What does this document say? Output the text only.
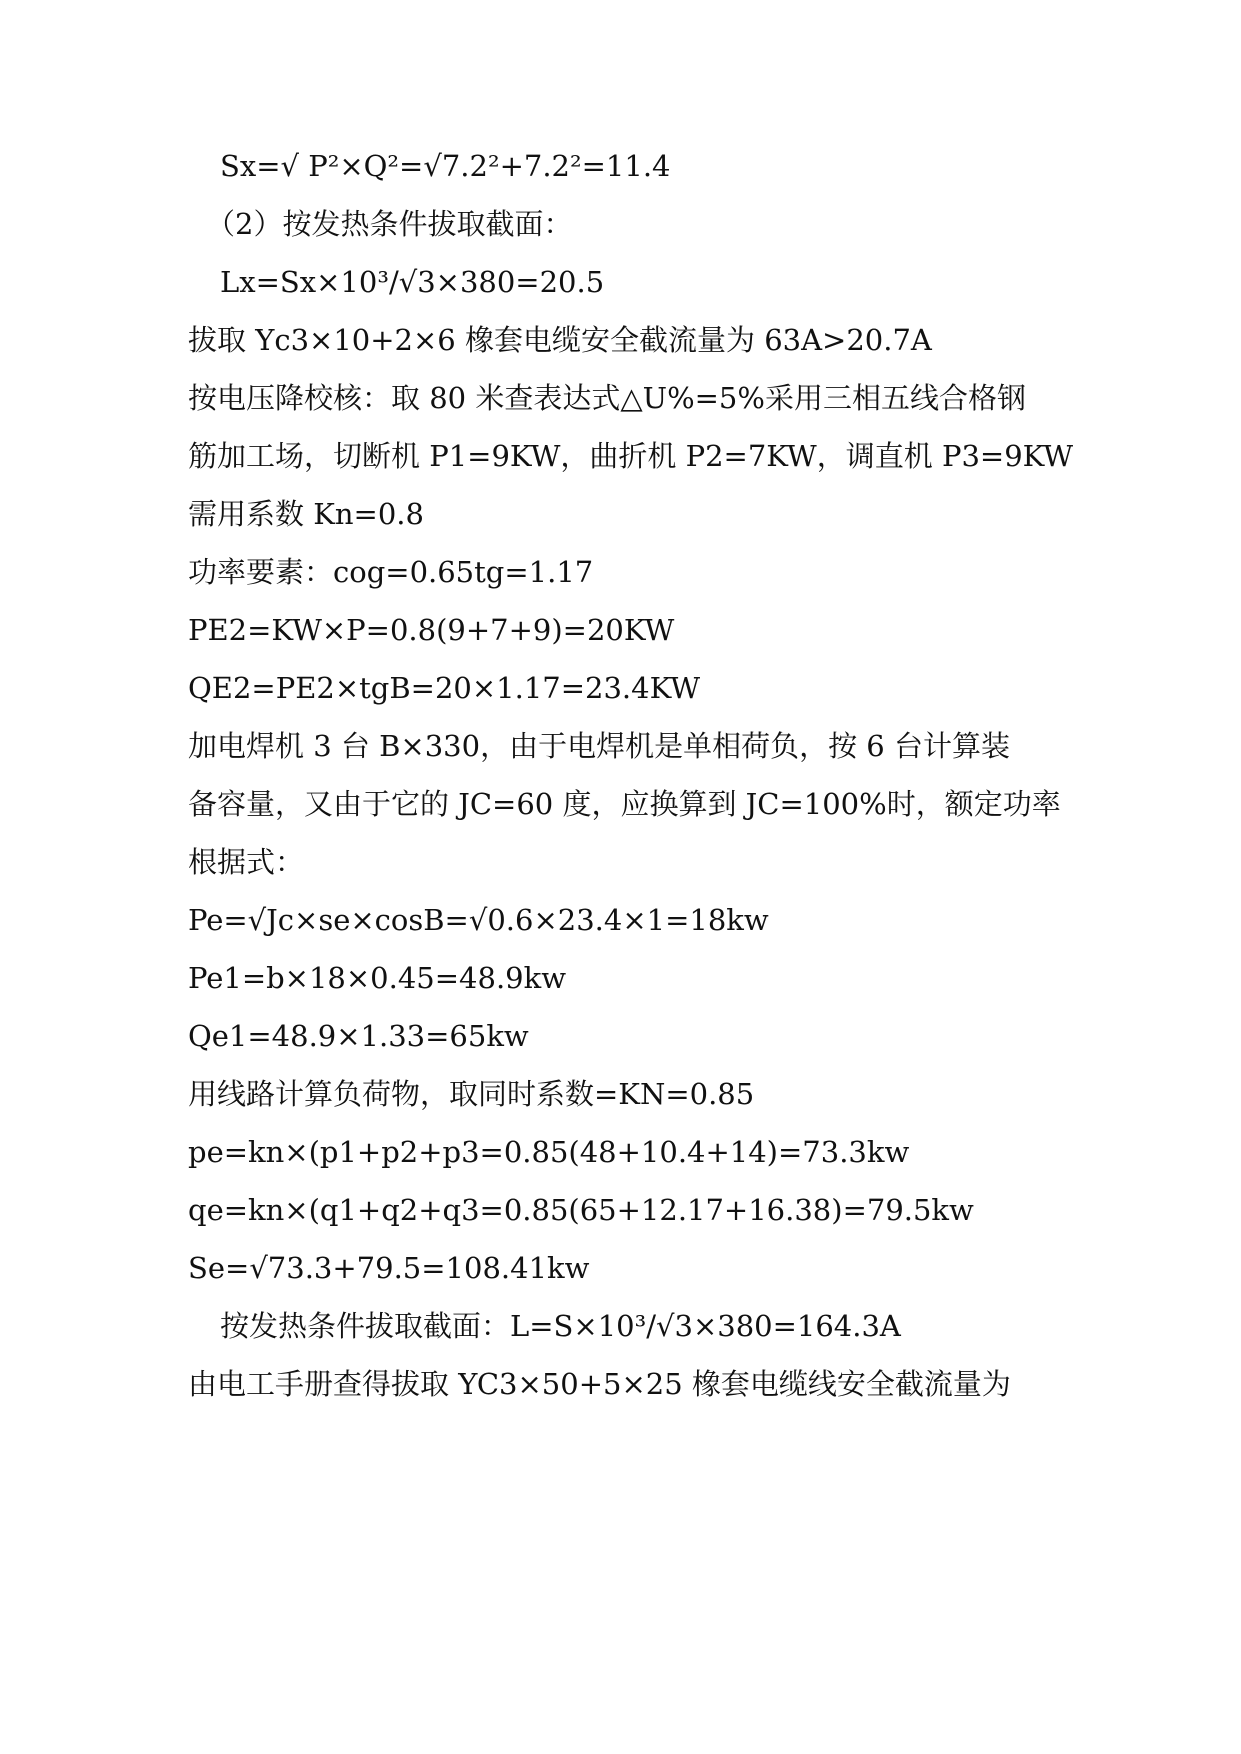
Sx=√ P²×Q²=√7.2²+7.2²=11.4
（2）按发热条件拔取截面：
Lx=Sx×10³/√3×380=20.5
拔取 Yc3×10+2×6 橡套电缆安全截流量为 63A>20.7A
按电压降校核：取 80 米查表达式△U%=5%采用三相五线合格钢
筋加工场，切断机 P1=9KW，曲折机 P2=7KW，调直机 P3=9KW
需用系数 Kn=0.8
功率要素：cog=0.65tg=1.17
PE2=KW×P=0.8(9+7+9)=20KW
QE2=PE2×tgB=20×1.17=23.4KW
加电焊机 3 台 B×330，由于电焊机是单相荷负，按 6 台计算装
备容量，又由于它的 JC=60 度，应换算到 JC=100%时，额定功率
根据式：
Pe=√Jc×se×cosB=√0.6×23.4×1=18kw
Pe1=b×18×0.45=48.9kw
Qe1=48.9×1.33=65kw
用线路计算负荷物，取同时系数=KN=0.85
pe=kn×(p1+p2+p3=0.85(48+10.4+14)=73.3kw
qe=kn×(q1+q2+q3=0.85(65+12.17+16.38)=79.5kw
Se=√73.3+79.5=108.41kw
按发热条件拔取截面：L=S×10³/√3×380=164.3A
由电工手册查得拔取 YC3×50+5×25 橡套电缆线安全截流量为
